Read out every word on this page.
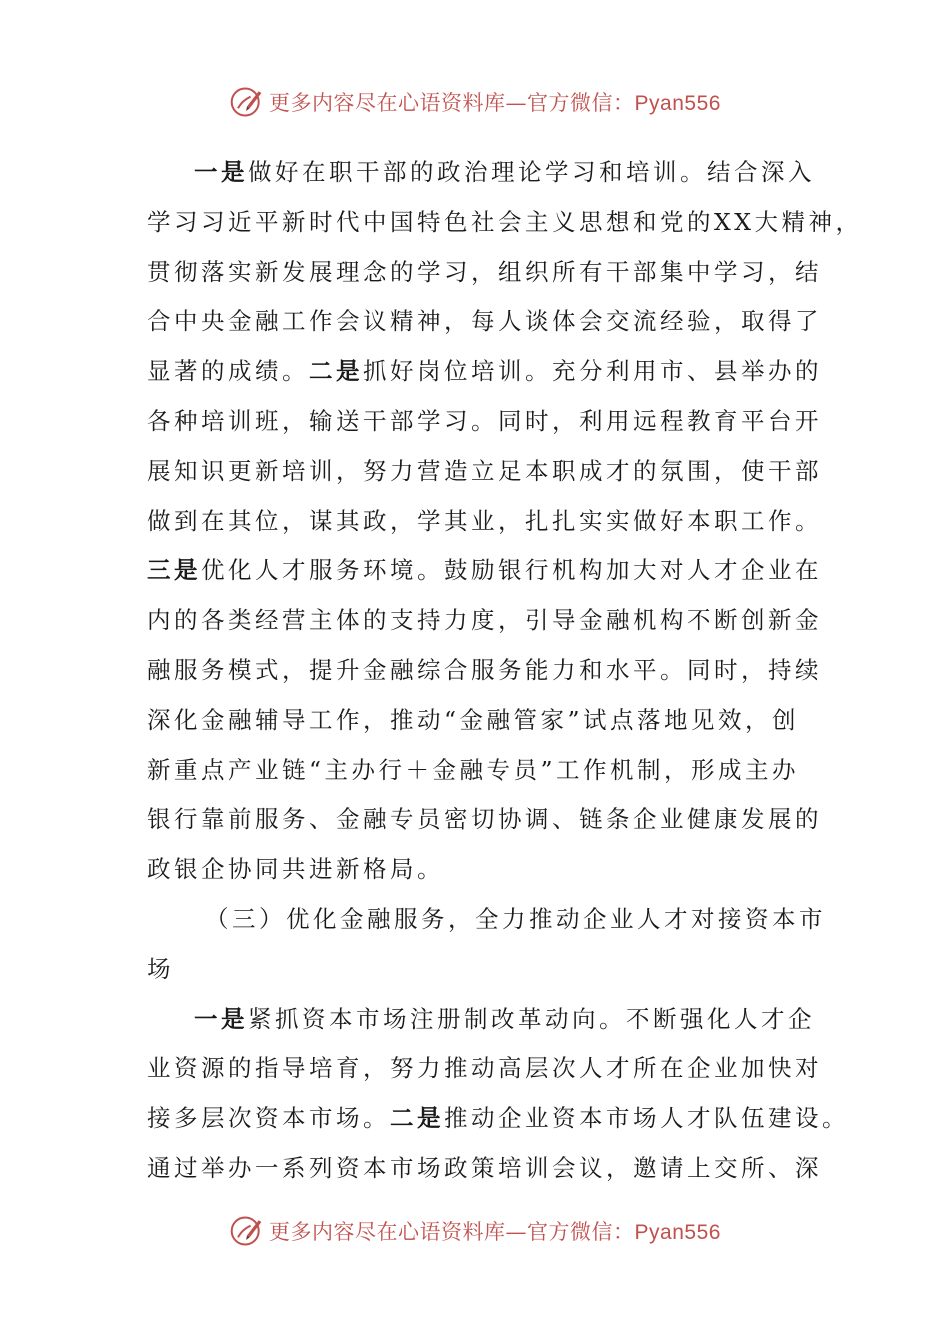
更多内容尽在心语资料库—官方微信：Pyan556
一是做好在职干部的政治理论学习和培训。结合深入
学习习近平新时代中国特色社会主义思想和党的XX大精神，
贯彻落实新发展理念的学习，组织所有干部集中学习，结
合中央金融工作会议精神，每人谈体会交流经验，取得了
显著的成绩。二是抓好岗位培训。充分利用市、县举办的
各种培训班，输送干部学习。同时，利用远程教育平台开
展知识更新培训，努力营造立足本职成才的氛围，使干部
做到在其位，谋其政，学其业，扎扎实实做好本职工作。
三是优化人才服务环境。鼓励银行机构加大对人才企业在
内的各类经营主体的支持力度，引导金融机构不断创新金
融服务模式，提升金融综合服务能力和水平。同时，持续
深化金融辅导工作，推动“金融管家”试点落地见效，创
新重点产业链“主办行＋金融专员”工作机制，形成主办
银行靠前服务、金融专员密切协调、链条企业健康发展的
政银企协同共进新格局。
（三）优化金融服务，全力推动企业人才对接资本市
场
一是紧抓资本市场注册制改革动向。不断强化人才企
业资源的指导培育，努力推动高层次人才所在企业加快对
接多层次资本市场。二是推动企业资本市场人才队伍建设。
通过举办一系列资本市场政策培训会议，邀请上交所、深
更多内容尽在心语资料库—官方微信：Pyan556
